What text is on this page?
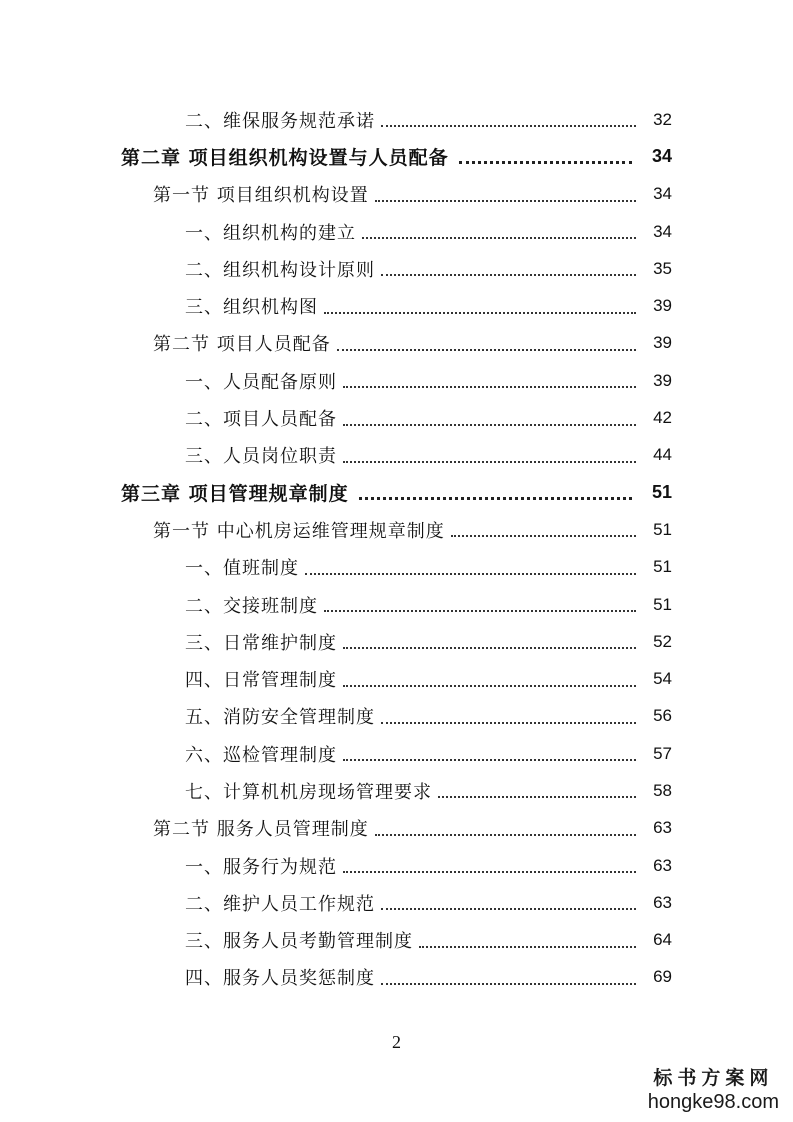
二、维保服务规范承诺	32
第二章 项目组织机构设置与人员配备	34
第一节 项目组织机构设置	34
一、组织机构的建立	34
二、组织机构设计原则	35
三、组织机构图	39
第二节 项目人员配备	39
一、人员配备原则	39
二、项目人员配备	42
三、人员岗位职责	44
第三章 项目管理规章制度	51
第一节 中心机房运维管理规章制度	51
一、值班制度	51
二、交接班制度	51
三、日常维护制度	52
四、日常管理制度	54
五、消防安全管理制度	56
六、巡检管理制度	57
七、计算机机房现场管理要求	58
第二节 服务人员管理制度	63
一、服务行为规范	63
二、维护人员工作规范	63
三、服务人员考勤管理制度	64
四、服务人员奖惩制度	69
2
标书方案网
hongke98.com
